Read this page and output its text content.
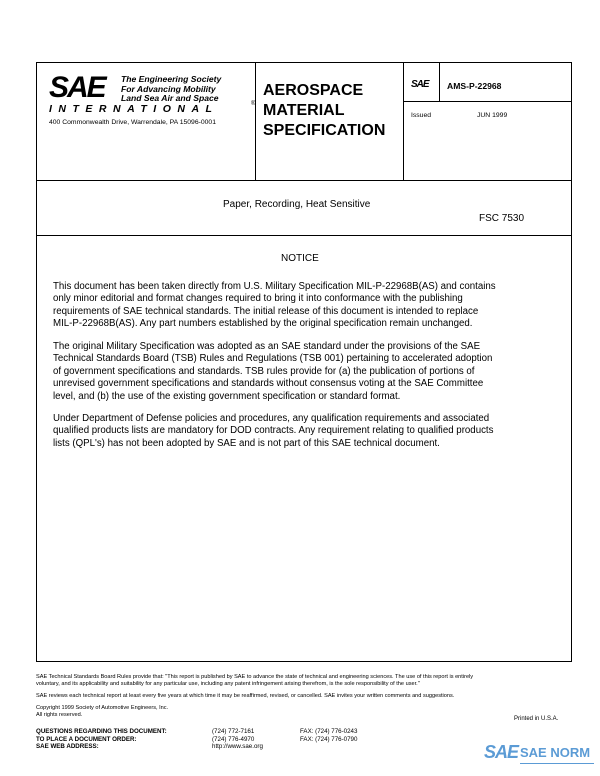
SAE The Engineering Society
For Advancing Mobility
Land Sea Air and Space
INTERNATIONAL	®
400 Commonwealth Drive, Warrendale, PA 15096-0001
AEROSPACE
MATERIAL
SPECIFICATION
SAE AMS-P-22968
Issued	JUN 1999
Paper, Recording, Heat Sensitive
FSC 7530
NOTICE
This document has been taken directly from U.S. Military Specification MIL-P-22968B(AS) and contains
only minor editorial and format changes required to bring it into conformance with the publishing
requirements of SAE technical standards. The initial release of this document is intended to replace
MIL-P-22968B(AS). Any part numbers established by the original specification remain unchanged.
The original Military Specification was adopted as an SAE standard under the provisions of the SAE
Technical Standards Board (TSB) Rules and Regulations (TSB 001) pertaining to accelerated adoption
of government specifications and standards. TSB rules provide for (a) the publication of portions of
unrevised government specifications and standards without consensus voting at the SAE Committee
level, and (b) the use of the existing government specification or standard format.
Under Department of Defense policies and procedures, any qualification requirements and associated
qualified products lists are mandatory for DOD contracts. Any requirement relating to qualified products
lists (QPL's) has not been adopted by SAE and is not part of this SAE technical document.
SAE Technical Standards Board Rules provide that: "This report is published by SAE to advance the state of technical and engineering sciences. The use of this report is entirely
voluntary, and its applicability and suitability for any particular use, including any patent infringement arising therefrom, is the sole responsibility of the user."
SAE reviews each technical report at least every five years at which time it may be reaffirmed, revised, or cancelled. SAE invites your written comments and suggestions.
Copyright 1999 Society of Automotive Engineers, Inc.
All rights reserved.
Printed in U.S.A.
QUESTIONS REGARDING THIS DOCUMENT:
TO PLACE A DOCUMENT ORDER:
SAE WEB ADDRESS:
(724) 772-7161
(724) 776-4970
http://www.sae.org
FAX: (724) 776-0243
FAX: (724) 776-0790
SAE SAE NORM
